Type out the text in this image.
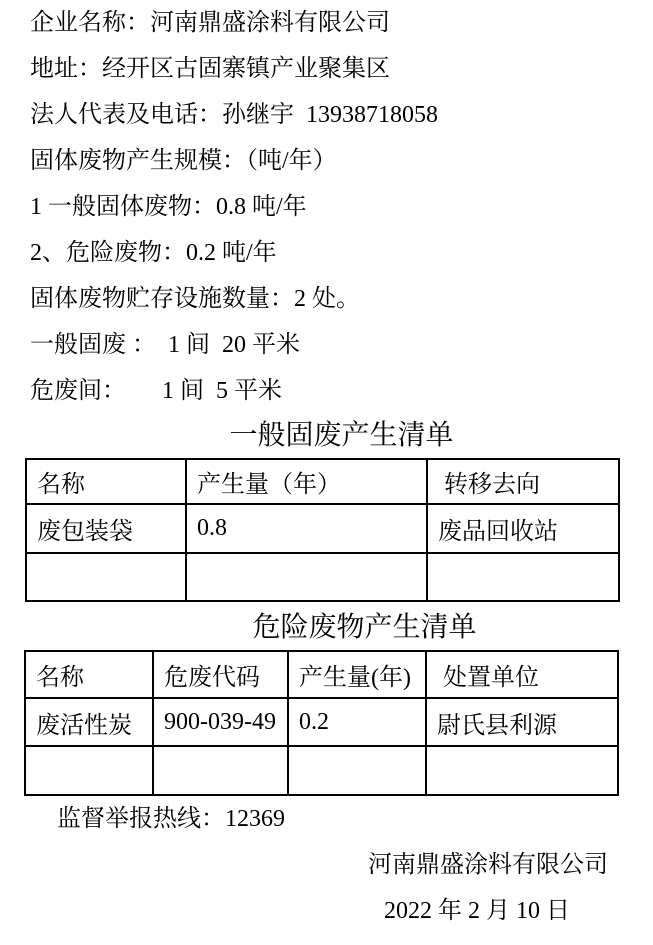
企业名称：河南鼎盛涂料有限公司

地址：经开区古固寨镇产业聚集区

法人代表及电话：孙继宇  13938718058

固体废物产生规模：（吨/年）

1 一般固体废物：0.8 吨/年

2、危险废物：0.2 吨/年

固体废物贮存设施数量：2 处。

一般固废 ：  1 间  20 平米

危废间：　　1 间  5 平米

一般固废产生清单

名称	产生量（年）	转移去向
废包装袋	0.8	废品回收站

危险废物产生清单

名称	危废代码	产生量(年)	处置单位
废活性炭	900-039-49	0.2	尉氏县利源

监督举报热线：12369

河南鼎盛涂料有限公司

2022 年 2 月 10 日
